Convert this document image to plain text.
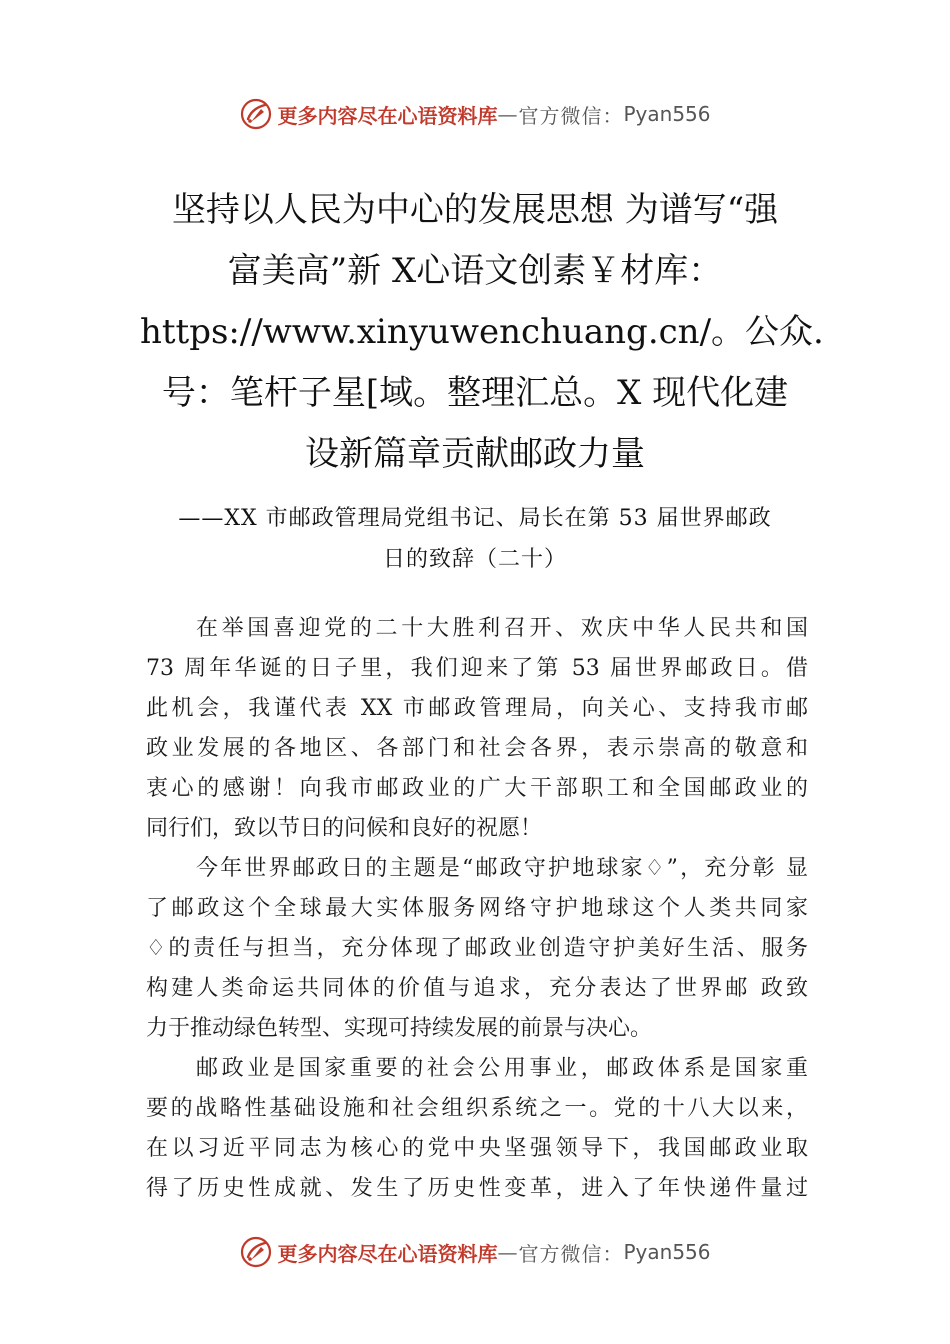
更多内容尽在心语资料库 — 官方微信： Pyan556
坚持以人民为中心的发展思想 为谱写“强
富美高”新 X心语文创素￥材库：
https://www.xinyuwenchuang.cn/。公众.
号：笔杆子星[域。整理汇总。X 现代化建
设新篇章贡献邮政力量
——XX 市邮政管理局党组书记、局长在第 53 届世界邮政
日的致辞（二十）
在举国喜迎党的二十大胜利召开、欢庆中华人民共和国
73 周年华诞的日子里，我们迎来了第 53 届世界邮政日。借
此机会，我谨代表 XX 市邮政管理局，向关心、支持我市邮
政业发展的各地区、各部门和社会各界，表示崇高的敬意和
衷心的感谢！向我市邮政业的广大干部职工和全国邮政业的
同行们，致以节日的问候和良好的祝愿！
今年世界邮政日的主题是“邮政守护地球家♢”，充分彰 显
了邮政这个全球最大实体服务网络守护地球这个人类共同家
♢的责任与担当，充分体现了邮政业创造守护美好生活、服务
构建人类命运共同体的价值与追求，充分表达了世界邮 政致
力于推动绿色转型、实现可持续发展的前景与决心。
邮政业是国家重要的社会公用事业，邮政体系是国家重
要的战略性基础设施和社会组织系统之一。党的十八大以来，
在以习近平同志为核心的党中央坚强领导下，我国邮政业取
得了历史性成就、发生了历史性变革，进入了年快递件量过
更多内容尽在心语资料库 — 官方微信： Pyan556
